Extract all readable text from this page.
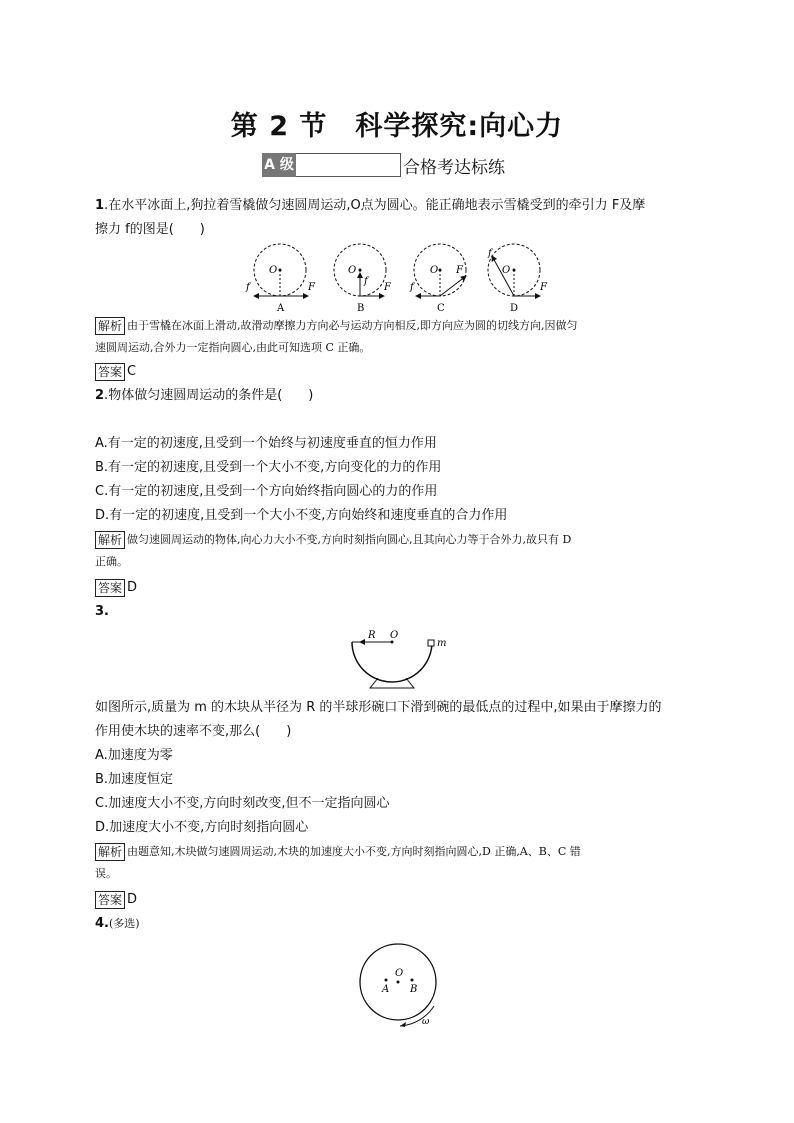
第 2 节　科学探究:向心力
A 级	合格考达标练
1.在水平冰面上,狗拉着雪橇做匀速圆周运动,O点为圆心。能正确地表示雪橇受到的牵引力 F及摩
擦力 f的图是(　　)
O
f	F
A
O
f
F
B
O
f
F
C
O
f
F
D
解析 由于雪橇在冰面上滑动,故滑动摩擦力方向必与运动方向相反,即方向应为圆的切线方向,因做匀
速圆周运动,合外力一定指向圆心,由此可知选项 C 正确。
答案 C
2.物体做匀速圆周运动的条件是(　　)
A.有一定的初速度,且受到一个始终与初速度垂直的恒力作用
B.有一定的初速度,且受到一个大小不变,方向变化的力的作用
C.有一定的初速度,且受到一个方向始终指向圆心的力的作用
D.有一定的初速度,且受到一个大小不变,方向始终和速度垂直的合力作用
解析 做匀速圆周运动的物体,向心力大小不变,方向时刻指向圆心,且其向心力等于合外力,故只有 D
正确。
答案 D
3.
R O
m
如图所示,质量为 m 的木块从半径为 R 的半球形碗口下滑到碗的最低点的过程中,如果由于摩擦力的
作用使木块的速率不变,那么(　　)
A.加速度为零
B.加速度恒定
C.加速度大小不变,方向时刻改变,但不一定指向圆心
D.加速度大小不变,方向时刻指向圆心
解析 由题意知,木块做匀速圆周运动,木块的加速度大小不变,方向时刻指向圆心,D 正确,A、B、C 错
误。
答案 D
4.(多选)
O
A B
ω
